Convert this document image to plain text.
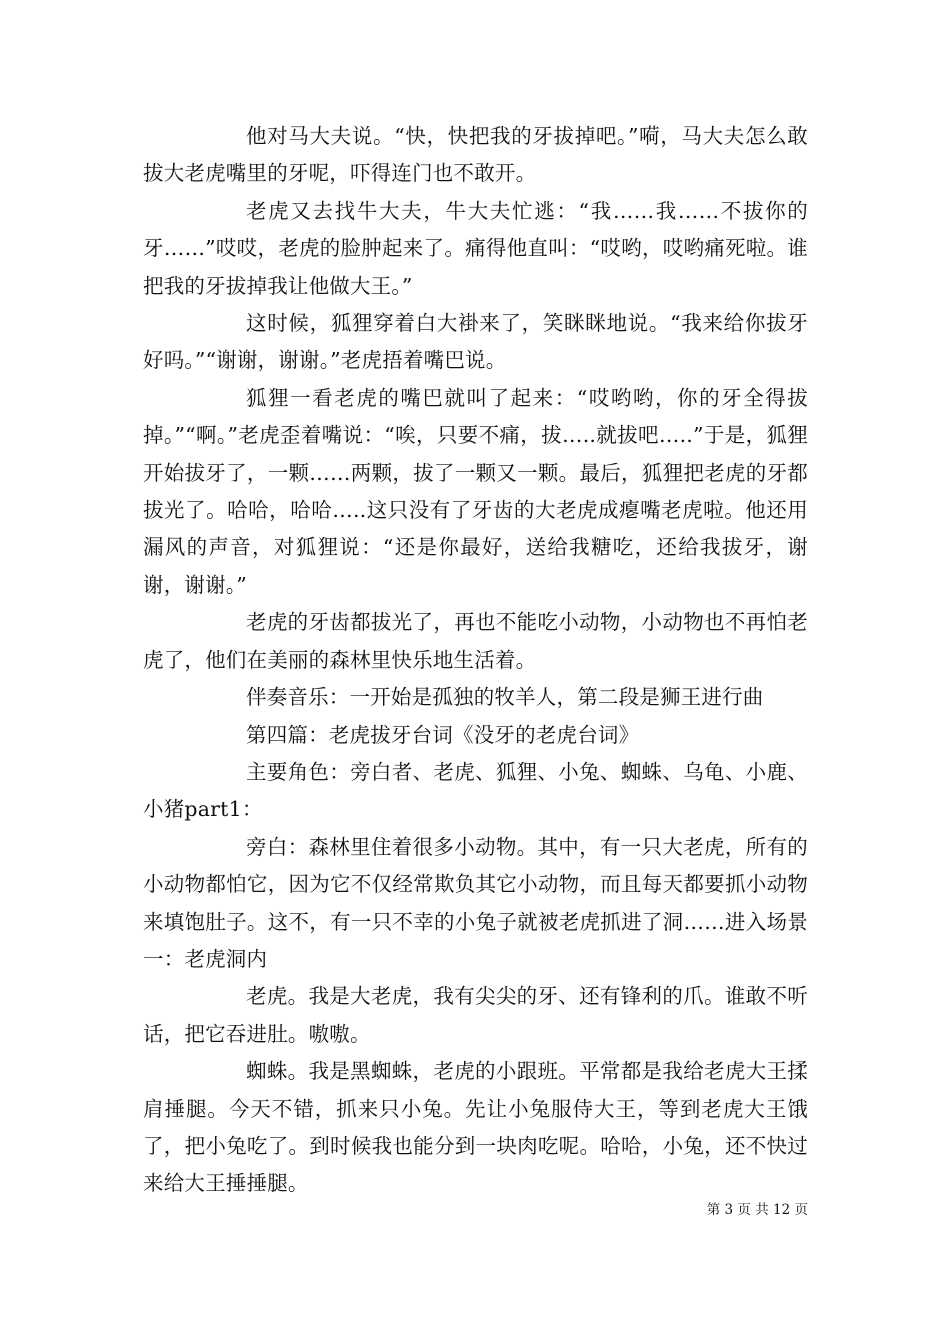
他对马大夫说。“快，快把我的牙拔掉吧。”嗬，马大夫怎么敢拔大老虎嘴里的牙呢，吓得连门也不敢开。

老虎又去找牛大夫，牛大夫忙逃：“我……我……不拔你的牙……”哎哎，老虎的脸肿起来了。痛得他直叫：“哎哟，哎哟痛死啦。谁把我的牙拔掉我让他做大王。”

这时候，狐狸穿着白大褂来了，笑眯眯地说。“我来给你拔牙好吗。”“谢谢，谢谢。”老虎捂着嘴巴说。

狐狸一看老虎的嘴巴就叫了起来：“哎哟哟，你的牙全得拔掉。”“啊。”老虎歪着嘴说：“唉，只要不痛，拔…..就拔吧…..”于是，狐狸开始拔牙了，一颗……两颗，拔了一颗又一颗。最后，狐狸把老虎的牙都拔光了。哈哈，哈哈…..这只没有了牙齿的大老虎成瘪嘴老虎啦。他还用漏风的声音，对狐狸说：“还是你最好，送给我糖吃，还给我拔牙，谢谢，谢谢。”

老虎的牙齿都拔光了，再也不能吃小动物，小动物也不再怕老虎了，他们在美丽的森林里快乐地生活着。

伴奏音乐：一开始是孤独的牧羊人，第二段是狮王进行曲

第四篇：老虎拔牙台词《没牙的老虎台词》

主要角色：旁白者、老虎、狐狸、小兔、蜘蛛、乌龟、小鹿、小猪part1：

旁白：森林里住着很多小动物。其中，有一只大老虎，所有的小动物都怕它，因为它不仅经常欺负其它小动物，而且每天都要抓小动物来填饱肚子。这不，有一只不幸的小兔子就被老虎抓进了洞……进入场景一：老虎洞内

老虎。我是大老虎，我有尖尖的牙、还有锋利的爪。谁敢不听话，把它吞进肚。嗷嗷。

蜘蛛。我是黑蜘蛛，老虎的小跟班。平常都是我给老虎大王揉肩捶腿。今天不错，抓来只小兔。先让小兔服侍大王，等到老虎大王饿了，把小兔吃了。到时候我也能分到一块肉吃呢。哈哈，小兔，还不快过来给大王捶捶腿。

第 3 页 共 12 页
